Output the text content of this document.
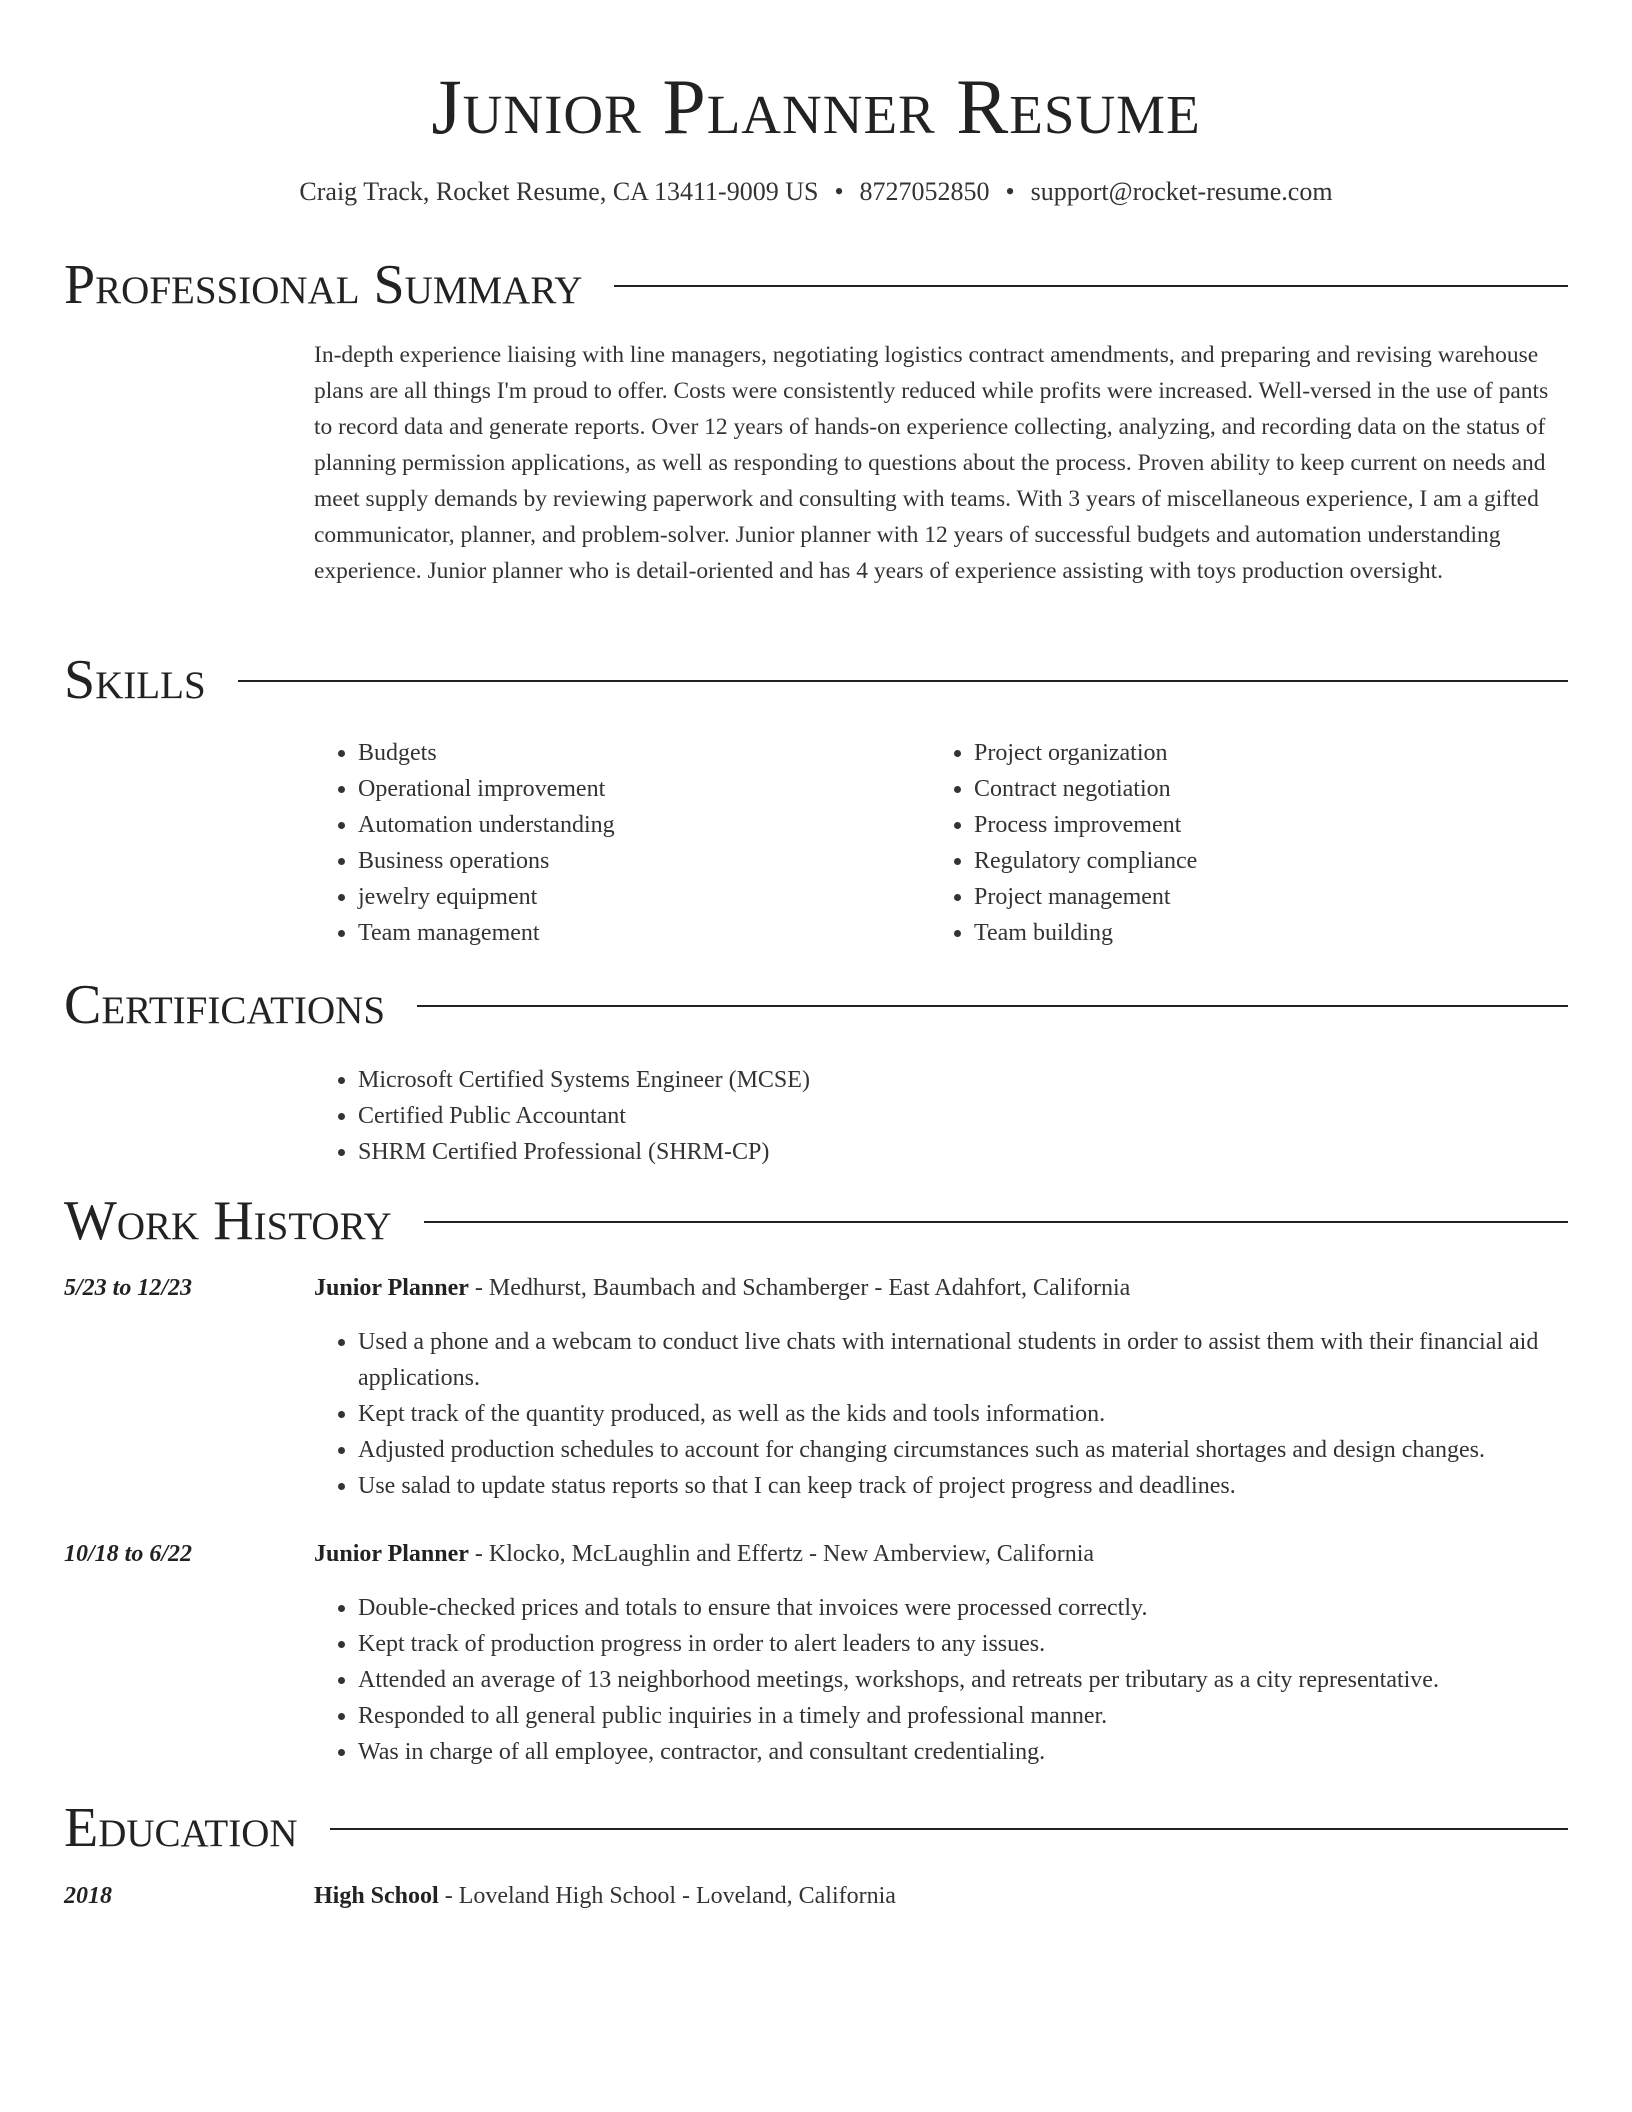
Junior Planner Resume
Craig Track, Rocket Resume, CA 13411-9009 US • 8727052850 • support@rocket-resume.com
Professional Summary

In-depth experience liaising with line managers, negotiating logistics contract amendments, and preparing and revising warehouse plans are all things I'm proud to offer. Costs were consistently reduced while profits were increased. Well-versed in the use of pants to record data and generate reports. Over 12 years of hands-on experience collecting, analyzing, and recording data on the status of planning permission applications, as well as responding to questions about the process. Proven ability to keep current on needs and meet supply demands by reviewing paperwork and consulting with teams. With 3 years of miscellaneous experience, I am a gifted communicator, planner, and problem-solver. Junior planner with 12 years of successful budgets and automation understanding experience. Junior planner who is detail-oriented and has 4 years of experience assisting with toys production oversight.

Skills
• Budgets
• Operational improvement
• Automation understanding
• Business operations
• jewelry equipment
• Team management
• Project organization
• Contract negotiation
• Process improvement
• Regulatory compliance
• Project management
• Team building
Certifications
• Microsoft Certified Systems Engineer (MCSE)
• Certified Public Accountant
• SHRM Certified Professional (SHRM-CP)
Work History
5/23 to 12/23	Junior Planner - Medhurst, Baumbach and Schamberger - East Adahfort, California
• Used a phone and a webcam to conduct live chats with international students in order to assist them with their financial aid applications.
• Kept track of the quantity produced, as well as the kids and tools information.
• Adjusted production schedules to account for changing circumstances such as material shortages and design changes.
• Use salad to update status reports so that I can keep track of project progress and deadlines.
10/18 to 6/22	Junior Planner - Klocko, McLaughlin and Effertz - New Amberview, California
• Double-checked prices and totals to ensure that invoices were processed correctly.
• Kept track of production progress in order to alert leaders to any issues.
• Attended an average of 13 neighborhood meetings, workshops, and retreats per tributary as a city representative.
• Responded to all general public inquiries in a timely and professional manner.
• Was in charge of all employee, contractor, and consultant credentialing.
Education
2018	High School - Loveland High School - Loveland, California
